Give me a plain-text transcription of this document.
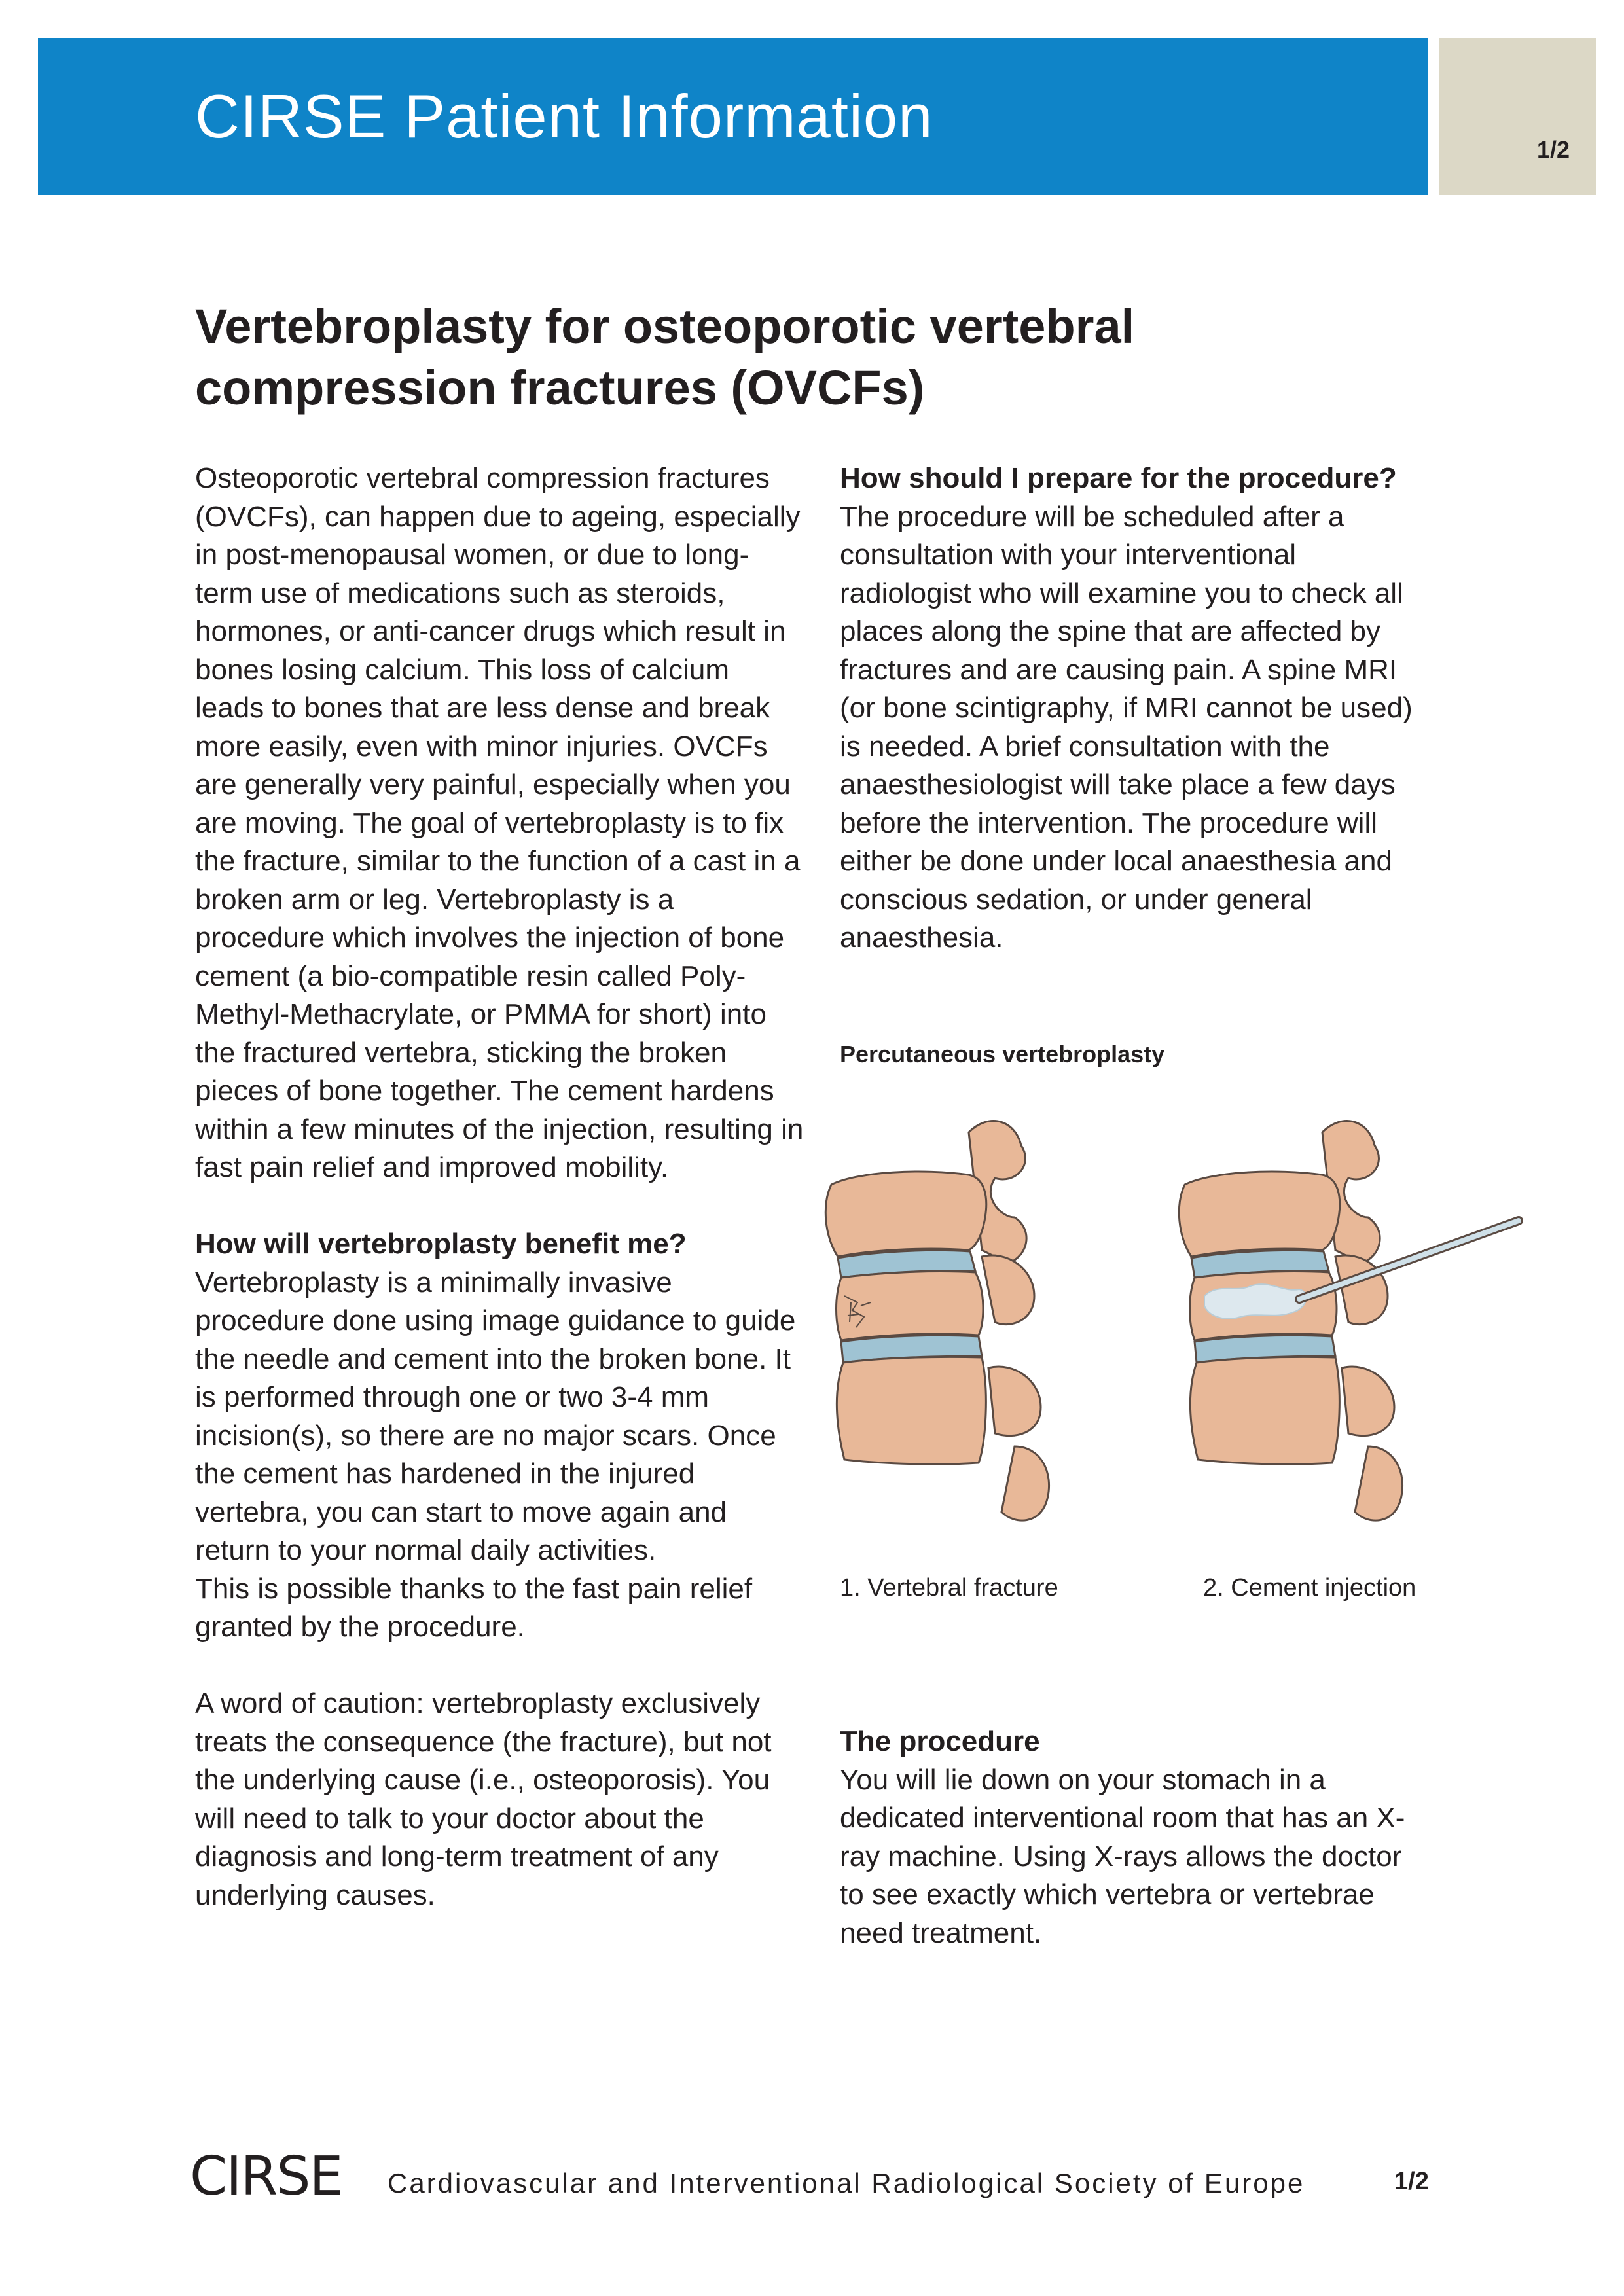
CIRSE Patient Information	1/2
Vertebroplasty for osteoporotic vertebral compression fractures (OVCFs)

Osteoporotic vertebral compression fractures (OVCFs), can happen due to ageing, especially in post-menopausal women, or due to long-term use of medications such as steroids, hormones, or anti-cancer drugs which result in bones losing calcium. This loss of calcium leads to bones that are less dense and break more easily, even with minor injuries. OVCFs are generally very painful, especially when you are moving. The goal of vertebroplasty is to fix the fracture, similar to the function of a cast in a broken arm or leg. Vertebroplasty is a procedure which involves the injection of bone cement (a bio-compatible resin called Poly-Methyl-Methacrylate, or PMMA for short) into the fractured vertebra, sticking the broken pieces of bone together. The cement hardens within a few minutes of the injection, resulting in fast pain relief and improved mobility.

How will vertebroplasty benefit me?

Vertebroplasty is a minimally invasive procedure done using image guidance to guide the needle and cement into the broken bone. It is performed through one or two 3-4 mm incision(s), so there are no major scars. Once the cement has hardened in the injured vertebra, you can start to move again and return to your normal daily activities.

This is possible thanks to the fast pain relief granted by the procedure.

A word of caution: vertebroplasty exclusively treats the consequence (the fracture), but not the underlying cause (i.e., osteoporosis). You will need to talk to your doctor about the diagnosis and long-term treatment of any underlying causes.

How should I prepare for the procedure?

The procedure will be scheduled after a consultation with your interventional radiologist who will examine you to check all places along the spine that are affected by fractures and are causing pain. A spine MRI (or bone scintigraphy, if MRI cannot be used) is needed. A brief consultation with the anaesthesiologist will take place a few days before the intervention. The procedure will either be done under local anaesthesia and conscious sedation, or under general anaesthesia.

Percutaneous vertebroplasty
1. Vertebral fracture	2. Cement injection
The procedure

You will lie down on your stomach in a dedicated interventional room that has an X-ray machine. Using X-rays allows the doctor to see exactly which vertebra or vertebrae need treatment.

CIRSE Cardiovascular and Interventional Radiological Society of Europe	1/2
